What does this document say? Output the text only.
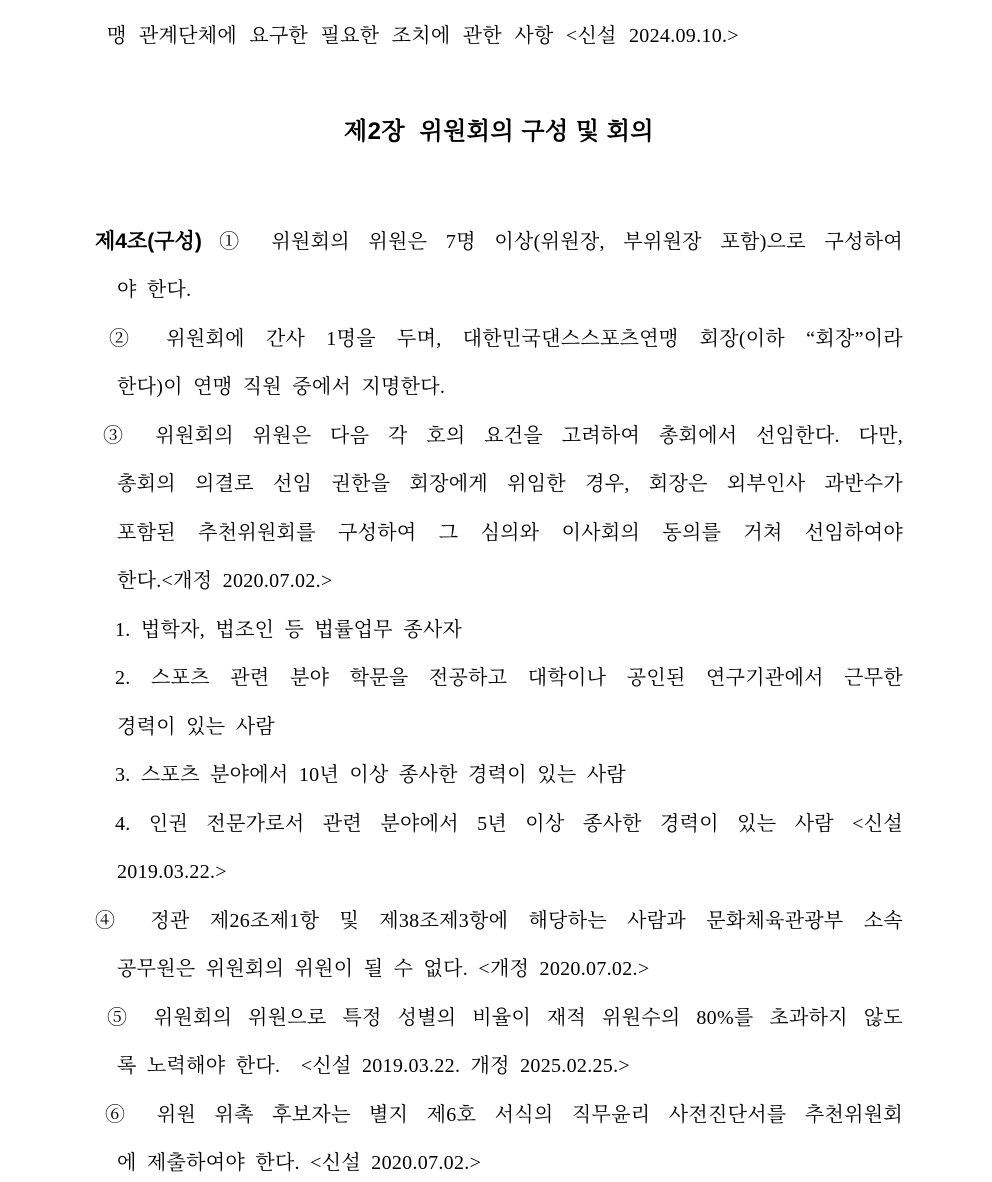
맹 관계단체에 요구한 필요한 조치에 관한 사항 <신설 2024.09.10.>
제2장  위원회의 구성 및 회의
제4조(구성) ① 위원회의 위원은 7명 이상(위원장, 부위원장 포함)으로 구성하여
야 한다.
② 위원회에 간사 1명을 두며, 대한민국댄스스포츠연맹 회장(이하 “회장”이라
한다)이 연맹 직원 중에서 지명한다.
③ 위원회의 위원은 다음 각 호의 요건을 고려하여 총회에서 선임한다. 다만,
총회의 의결로 선임 권한을 회장에게 위임한 경우, 회장은 외부인사 과반수가
포함된 추천위원회를 구성하여 그 심의와 이사회의 동의를 거쳐 선임하여야
한다.<개정 2020.07.02.>
1. 법학자, 법조인 등 법률업무 종사자
2. 스포츠 관련 분야 학문을 전공하고 대학이나 공인된 연구기관에서 근무한
경력이 있는 사람
3. 스포츠 분야에서 10년 이상 종사한 경력이 있는 사람
4. 인권 전문가로서 관련 분야에서 5년 이상 종사한 경력이 있는 사람 <신설
2019.03.22.>
④ 정관 제26조제1항 및 제38조제3항에 해당하는 사람과 문화체육관광부 소속
공무원은 위원회의 위원이 될 수 없다. <개정 2020.07.02.>
⑤ 위원회의 위원으로 특정 성별의 비율이 재적 위원수의 80%를 초과하지 않도
록 노력해야 한다.  <신설 2019.03.22. 개정 2025.02.25.>
⑥ 위원 위촉 후보자는 별지 제6호 서식의 직무윤리 사전진단서를 추천위원회
에 제출하여야 한다. <신설 2020.07.02.>
